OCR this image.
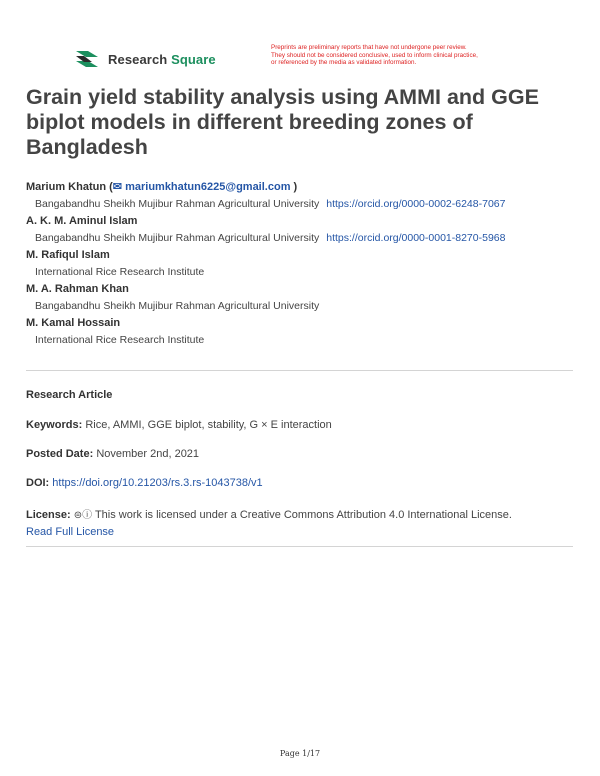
Research Square
Preprints are preliminary reports that have not undergone peer review.
They should not be considered conclusive, used to inform clinical practice,
or referenced by the media as validated information.
Grain yield stability analysis using AMMI and GGE biplot models in different breeding zones of Bangladesh
Marium Khatun (✉ mariumkhatun6225@gmail.com )
Bangabandhu Sheikh Mujibur Rahman Agricultural University https://orcid.org/0000-0002-6248-7067
A. K. M. Aminul Islam
Bangabandhu Sheikh Mujibur Rahman Agricultural University https://orcid.org/0000-0001-8270-5968
M. Rafiqul Islam
International Rice Research Institute
M. A. Rahman Khan
Bangabandhu Sheikh Mujibur Rahman Agricultural University
M. Kamal Hossain
International Rice Research Institute
Research Article
Keywords: Rice, AMMI, GGE biplot, stability, G × E interaction
Posted Date: November 2nd, 2021
DOI: https://doi.org/10.21203/rs.3.rs-1043738/v1
License: ⊜ⓘ This work is licensed under a Creative Commons Attribution 4.0 International License.
Read Full License
Page 1/17
